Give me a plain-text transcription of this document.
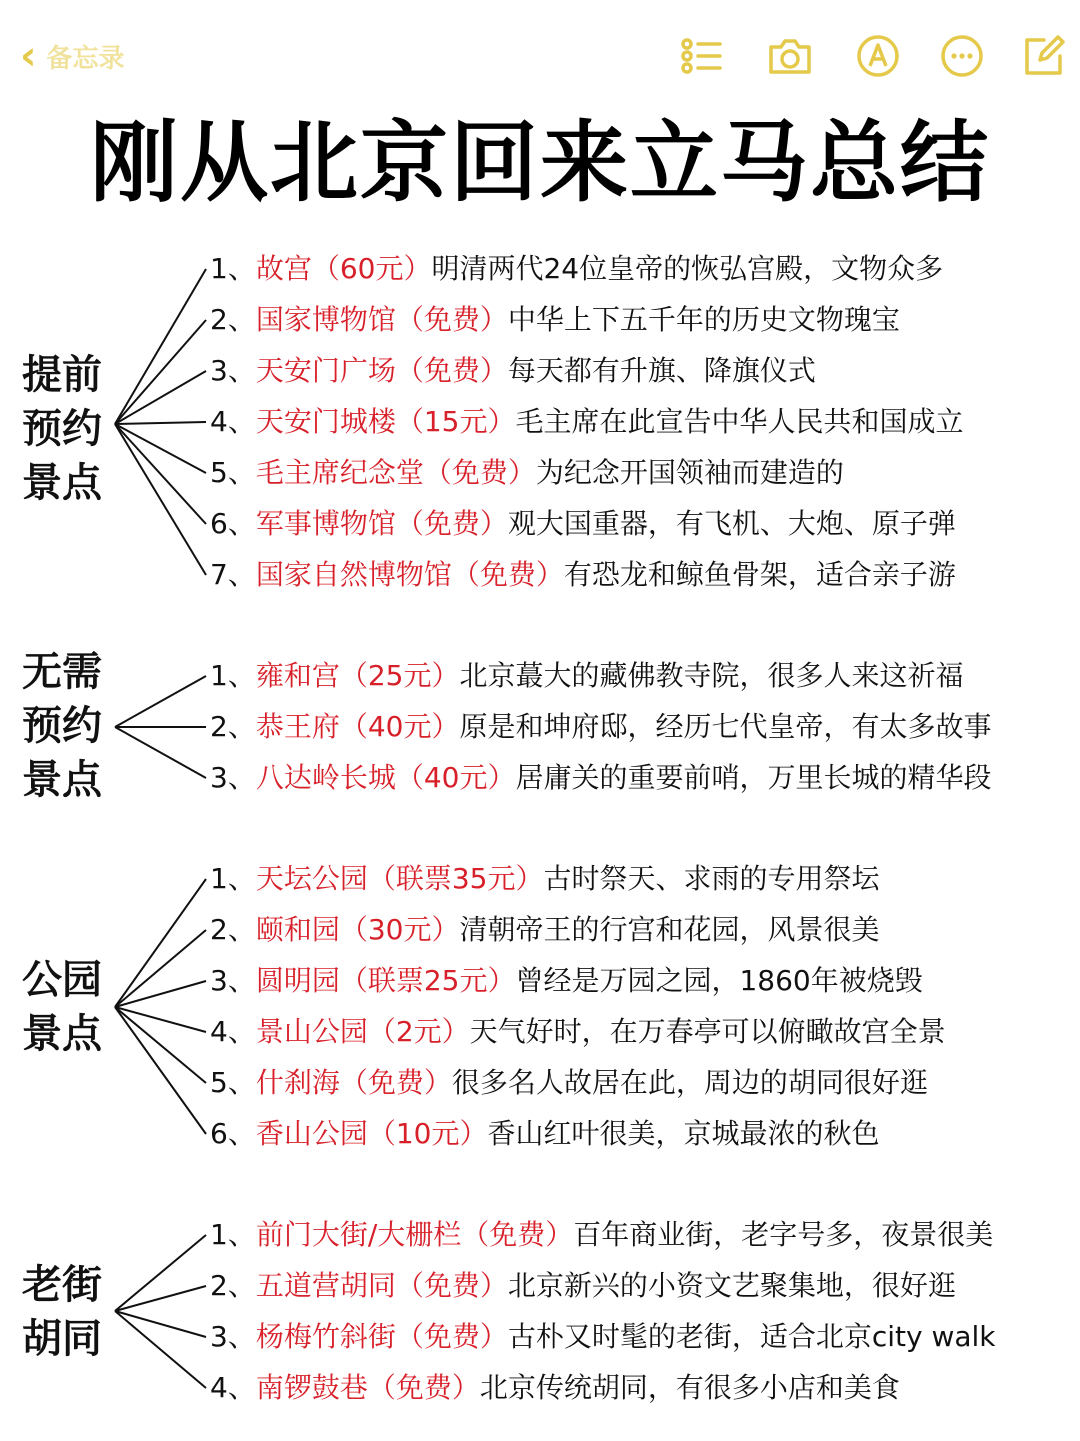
‹ 备忘录
刚从北京回来立马总结
提前
预约
景点
1、故宫（60元）明清两代24位皇帝的恢弘宫殿，文物众多
2、国家博物馆（免费）中华上下五千年的历史文物瑰宝
3、天安门广场（免费）每天都有升旗、降旗仪式
4、天安门城楼（15元）毛主席在此宣告中华人民共和国成立
5、毛主席纪念堂（免费）为纪念开国领袖而建造的
6、军事博物馆（免费）观大国重器，有飞机、大炮、原子弹
7、国家自然博物馆（免费）有恐龙和鲸鱼骨架，适合亲子游
无需
预约
景点
1、雍和宫（25元）北京蕞大的藏佛教寺院，很多人来这祈福
2、恭王府（40元）原是和坤府邸，经历七代皇帝，有太多故事
3、八达岭长城（40元）居庸关的重要前哨，万里长城的精华段
公园
景点
1、天坛公园（联票35元）古时祭天、求雨的专用祭坛
2、颐和园（30元）清朝帝王的行宫和花园，风景很美
3、圆明园（联票25元）曾经是万园之园，1860年被烧毁
4、景山公园（2元）天气好时，在万春亭可以俯瞰故宫全景
5、什刹海（免费）很多名人故居在此，周边的胡同很好逛
6、香山公园（10元）香山红叶很美，京城最浓的秋色
老街
胡同
1、前门大街/大栅栏（免费）百年商业街，老字号多，夜景很美
2、五道营胡同（免费）北京新兴的小资文艺聚集地，很好逛
3、杨梅竹斜街（免费）古朴又时髦的老街，适合北京city walk
4、南锣鼓巷（免费）北京传统胡同，有很多小店和美食
